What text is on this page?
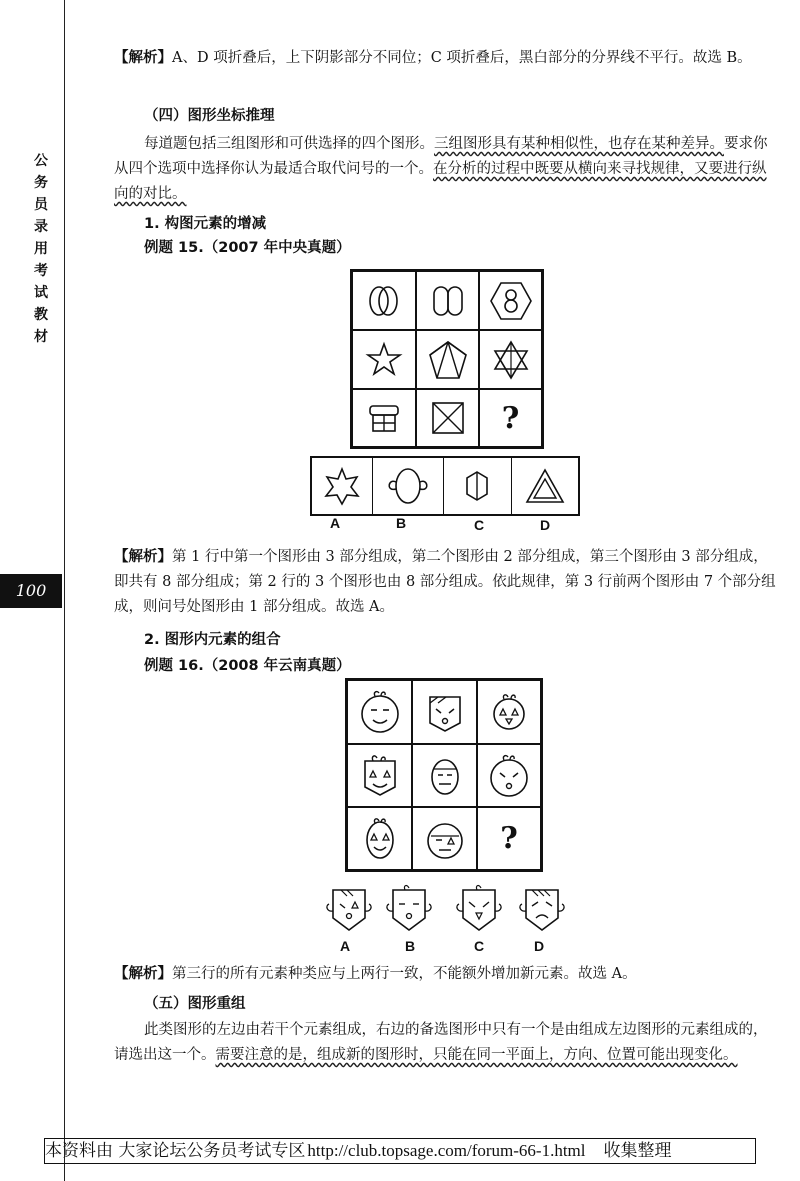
公
务
员
录
用
考
试
教
材
100

【解析】A、D 项折叠后，上下阴影部分不同位；C 项折叠后，黑白部分的分界线不平行。故选 B。

（四）图形坐标推理

每道题包括三组图形和可供选择的四个图形。三组图形具有某种相似性，也存在某种差异。要求你从四个选项中选择你认为最适合取代问号的一个。在分析的过程中既要从横向来寻找规律，又要进行纵向的对比。

1. 构图元素的增减

例题 15.（2007 年中央真题）

?
A	B	C	D

【解析】第 1 行中第一个图形由 3 部分组成，第二个图形由 2 部分组成，第三个图形由 3 部分组成，即共有 8 部分组成；第 2 行的 3 个图形也由 8 部分组成。依此规律，第 3 行前两个图形由 7 个部分组成，则问号处图形由 1 部分组成。故选 A。

2. 图形内元素的组合

例题 16.（2008 年云南真题）

?
A	B	C	D

【解析】第三行的所有元素种类应与上两行一致，不能额外增加新元素。故选 A。

（五）图形重组

此类图形的左边由若干个元素组成，右边的备选图形中只有一个是由组成左边图形的元素组成的，请选出这一个。需要注意的是，组成新的图形时，只能在同一平面上，方向、位置可能出现变化。

本资料由 大家论坛公务员考试专区 http://club.topsage.com/forum-66-1.html 收集整理
